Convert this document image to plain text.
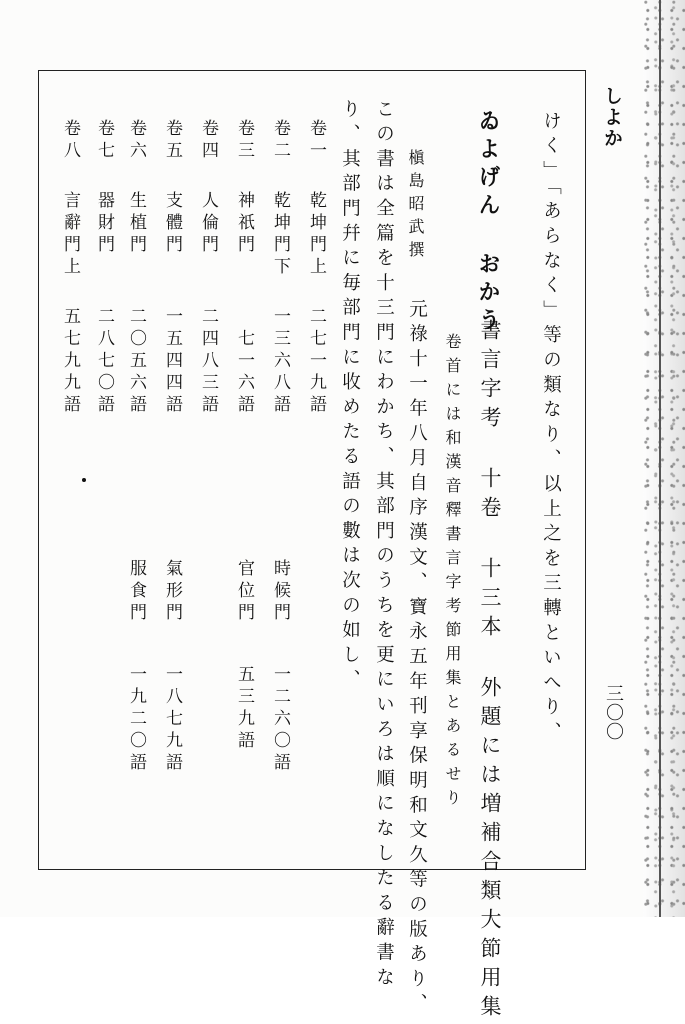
しよか
三〇〇
けく」「あらなく」等の類なり、以上之を三轉といへり、
ゐよげん おかう
書言字考 十卷 十三本 外題には増補合類大節用集
卷首には和漢音釋書言字考節用集とあるせり
槇島昭武撰
元祿十一年八月自序漢文、寶永五年刊享保明和文久等の版あり、
この書は全篇を十三門にわかち、其部門のうちを更にいろは順になしたる辭書な
り、其部門幷に毎部門に收めたる語の數は次の如し、
卷一
乾坤門上
二七一九語
卷二
乾坤門下
一三六八語
時候門
一二六〇語
卷三
神祇門
七一六語
官位門
五三九語
卷四
人倫門
二四八三語
卷五
支體門
一五四四語
氣形門
一八七九語
卷六
生植門
二〇五六語
服食門
一九二〇語
卷七
器財門
二八七〇語
卷八
言辭門上
五七九九語
